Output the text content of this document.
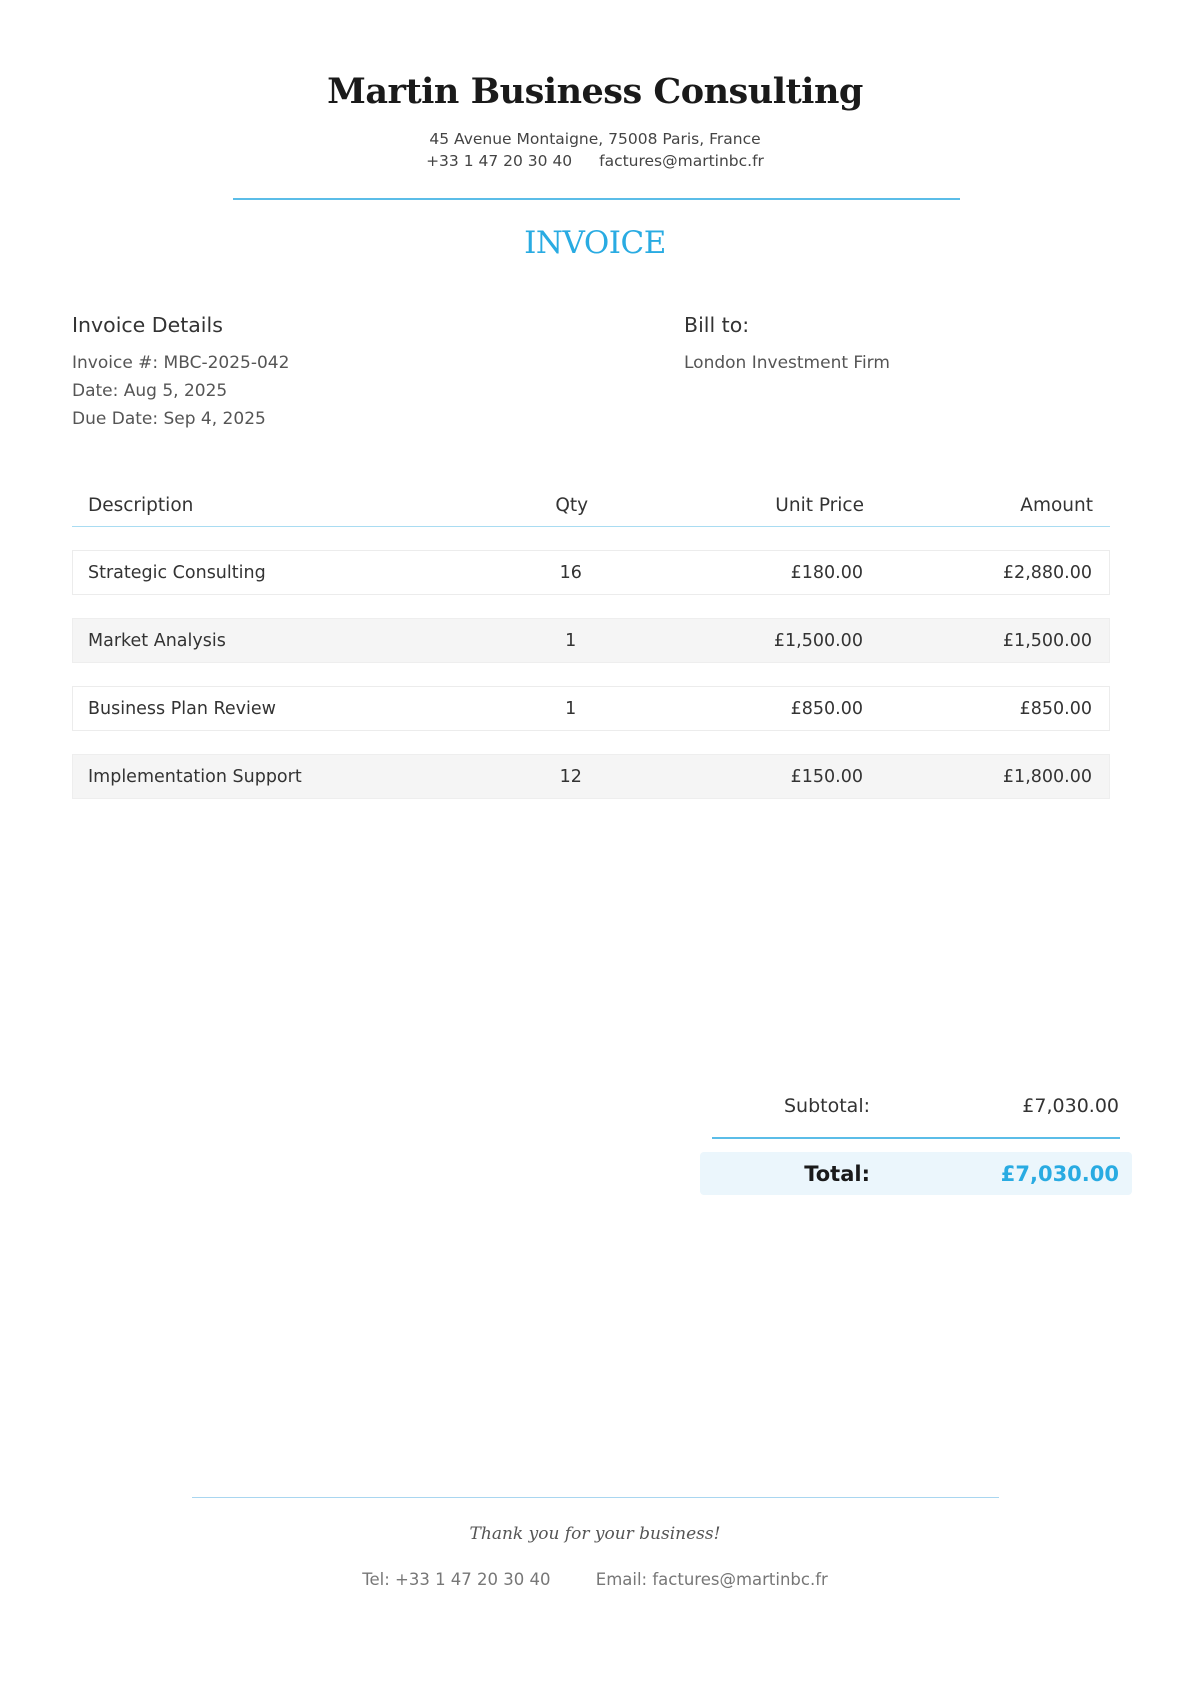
Martin Business Consulting
45 Avenue Montaigne, 75008 Paris, France
+33 1 47 20 30 40 factures@martinbc.fr
INVOICE
Invoice Details
Invoice #: MBC-2025-042
Date: Aug 5, 2025
Due Date: Sep 4, 2025
Bill to:
London Investment Firm
Description	Qty	Unit Price	Amount
Strategic Consulting	16	£180.00	£2,880.00
Market Analysis	1	£1,500.00	£1,500.00
Business Plan Review	1	£850.00	£850.00
Implementation Support	12	£150.00	£1,800.00
Subtotal:	£7,030.00
Total:	£7,030.00
Thank you for your business!
Tel: +33 1 47 20 30 40	Email: factures@martinbc.fr
